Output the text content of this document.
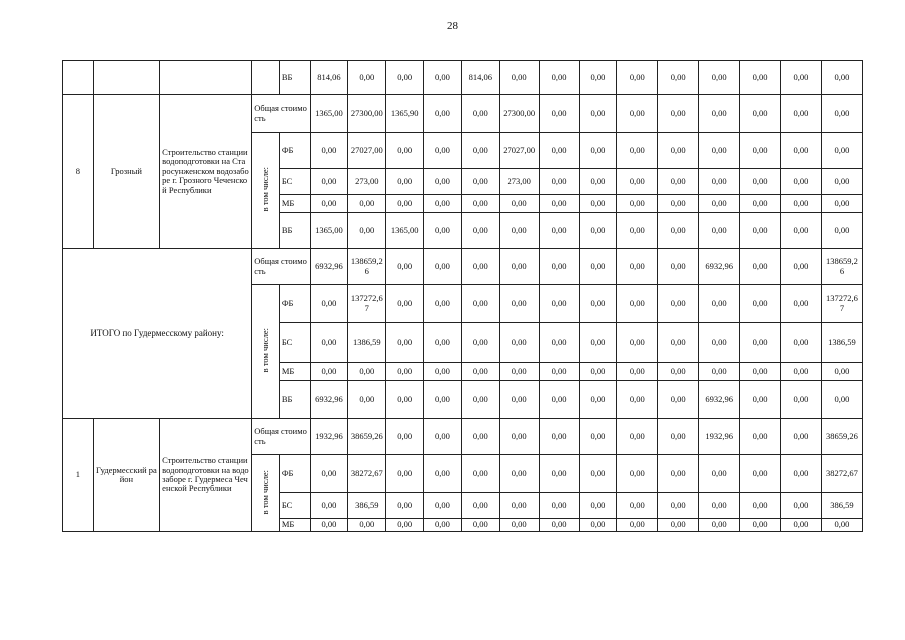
28
				ВБ	814,06	0,00	0,00	0,00	814,06	0,00	0,00	0,00	0,00	0,00	0,00	0,00	0,00	0,00
8	Грозный	Строительство станции водоподготовки на Старосунженском водозаборе г. Грозного Чеченской Республики	Общая стоимость		1365,00	27300,00	1365,90	0,00	0,00	27300,00	0,00	0,00	0,00	0,00	0,00	0,00	0,00	0,00
			в том числе:	ФБ	0,00	27027,00	0,00	0,00	0,00	27027,00	0,00	0,00	0,00	0,00	0,00	0,00	0,00	0,00
				БС	0,00	273,00	0,00	0,00	0,00	273,00	0,00	0,00	0,00	0,00	0,00	0,00	0,00	0,00
				МБ	0,00	0,00	0,00	0,00	0,00	0,00	0,00	0,00	0,00	0,00	0,00	0,00	0,00	0,00
				ВБ	1365,00	0,00	1365,00	0,00	0,00	0,00	0,00	0,00	0,00	0,00	0,00	0,00	0,00	0,00
ИТОГО по Гудермесскому району:			Общая стоимость		6932,96	138659,26	0,00	0,00	0,00	0,00	0,00	0,00	0,00	0,00	6932,96	0,00	0,00	138659,26
			в том числе:	ФБ	0,00	137272,67	0,00	0,00	0,00	0,00	0,00	0,00	0,00	0,00	0,00	0,00	0,00	137272,67
				БС	0,00	1386,59	0,00	0,00	0,00	0,00	0,00	0,00	0,00	0,00	0,00	0,00	0,00	1386,59
				МБ	0,00	0,00	0,00	0,00	0,00	0,00	0,00	0,00	0,00	0,00	0,00	0,00	0,00	0,00
				ВБ	6932,96	0,00	0,00	0,00	0,00	0,00	0,00	0,00	0,00	0,00	6932,96	0,00	0,00	0,00
1	Гудермесский район	Строительство станции водоподготовки на водозаборе г. Гудермеса Чеченской Республики	Общая стоимость		1932,96	38659,26	0,00	0,00	0,00	0,00	0,00	0,00	0,00	0,00	1932,96	0,00	0,00	38659,26
			в том числе:	ФБ	0,00	38272,67	0,00	0,00	0,00	0,00	0,00	0,00	0,00	0,00	0,00	0,00	0,00	38272,67
				БС	0,00	386,59	0,00	0,00	0,00	0,00	0,00	0,00	0,00	0,00	0,00	0,00	0,00	386,59
				МБ	0,00	0,00	0,00	0,00	0,00	0,00	0,00	0,00	0,00	0,00	0,00	0,00	0,00	0,00
